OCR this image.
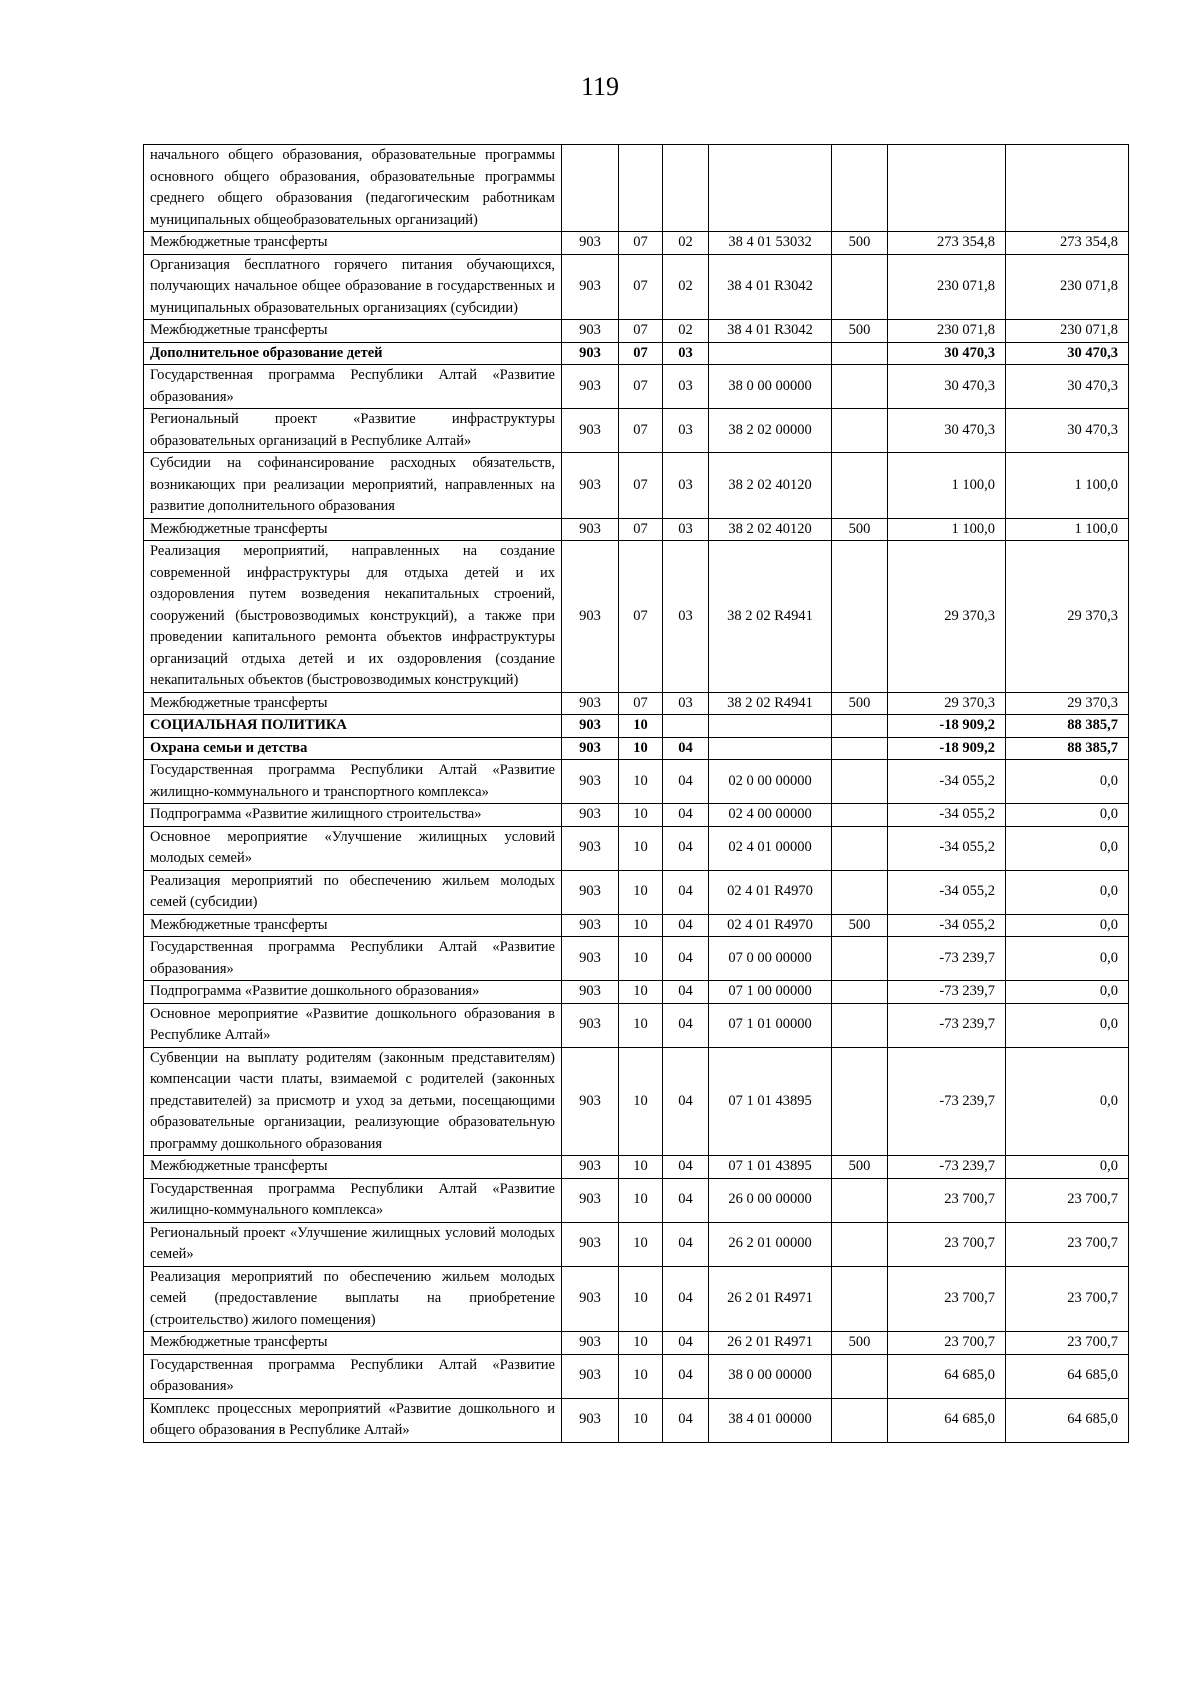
119
начального общего образования, образовательные программы основного общего образования, образовательные программы среднего общего образования (педагогическим работникам муниципальных общеобразовательных организаций)							
Межбюджетные трансферты	903	07	02	38 4 01 53032	500	273 354,8	273 354,8
Организация бесплатного горячего питания обучающихся, получающих начальное общее образование в государственных и муниципальных образовательных организациях (субсидии)	903	07	02	38 4 01 R3042		230 071,8	230 071,8
Межбюджетные трансферты	903	07	02	38 4 01 R3042	500	230 071,8	230 071,8
Дополнительное образование детей	903	07	03			30 470,3	30 470,3
Государственная программа Республики Алтай «Развитие образования»	903	07	03	38 0 00 00000		30 470,3	30 470,3
Региональный проект «Развитие инфраструктуры образовательных организаций в Республике Алтай»	903	07	03	38 2 02 00000		30 470,3	30 470,3
Субсидии на софинансирование расходных обязательств, возникающих при реализации мероприятий, направленных на развитие дополнительного образования	903	07	03	38 2 02 40120		1 100,0	1 100,0
Межбюджетные трансферты	903	07	03	38 2 02 40120	500	1 100,0	1 100,0
Реализация мероприятий, направленных на создание современной инфраструктуры для отдыха детей и их оздоровления путем возведения некапитальных строений, сооружений (быстровозводимых конструкций), а также при проведении капитального ремонта объектов инфраструктуры организаций отдыха детей и их оздоровления (создание некапитальных объектов (быстровозводимых конструкций)	903	07	03	38 2 02 R4941		29 370,3	29 370,3
Межбюджетные трансферты	903	07	03	38 2 02 R4941	500	29 370,3	29 370,3
СОЦИАЛЬНАЯ ПОЛИТИКА	903	10				-18 909,2	88 385,7
Охрана семьи и детства	903	10	04			-18 909,2	88 385,7
Государственная программа Республики Алтай «Развитие жилищно-коммунального и транспортного комплекса»	903	10	04	02 0 00 00000		-34 055,2	0,0
Подпрограмма «Развитие жилищного строительства»	903	10	04	02 4 00 00000		-34 055,2	0,0
Основное мероприятие «Улучшение жилищных условий молодых семей»	903	10	04	02 4 01 00000		-34 055,2	0,0
Реализация мероприятий по обеспечению жильем молодых семей (субсидии)	903	10	04	02 4 01 R4970		-34 055,2	0,0
Межбюджетные трансферты	903	10	04	02 4 01 R4970	500	-34 055,2	0,0
Государственная программа Республики Алтай «Развитие образования»	903	10	04	07 0 00 00000		-73 239,7	0,0
Подпрограмма «Развитие дошкольного образования»	903	10	04	07 1 00 00000		-73 239,7	0,0
Основное мероприятие «Развитие дошкольного образования в Республике Алтай»	903	10	04	07 1 01 00000		-73 239,7	0,0
Субвенции на выплату родителям (законным представителям) компенсации части платы, взимаемой с родителей (законных представителей) за присмотр и уход за детьми, посещающими образовательные организации, реализующие образовательную программу дошкольного образования	903	10	04	07 1 01 43895		-73 239,7	0,0
Межбюджетные трансферты	903	10	04	07 1 01 43895	500	-73 239,7	0,0
Государственная программа Республики Алтай «Развитие жилищно-коммунального комплекса»	903	10	04	26 0 00 00000		23 700,7	23 700,7
Региональный проект «Улучшение жилищных условий молодых семей»	903	10	04	26 2 01 00000		23 700,7	23 700,7
Реализация мероприятий по обеспечению жильем молодых семей (предоставление выплаты на приобретение (строительство) жилого помещения)	903	10	04	26 2 01 R4971		23 700,7	23 700,7
Межбюджетные трансферты	903	10	04	26 2 01 R4971	500	23 700,7	23 700,7
Государственная программа Республики Алтай «Развитие образования»	903	10	04	38 0 00 00000		64 685,0	64 685,0
Комплекс процессных мероприятий «Развитие дошкольного и общего образования в Республике Алтай»	903	10	04	38 4 01 00000		64 685,0	64 685,0
